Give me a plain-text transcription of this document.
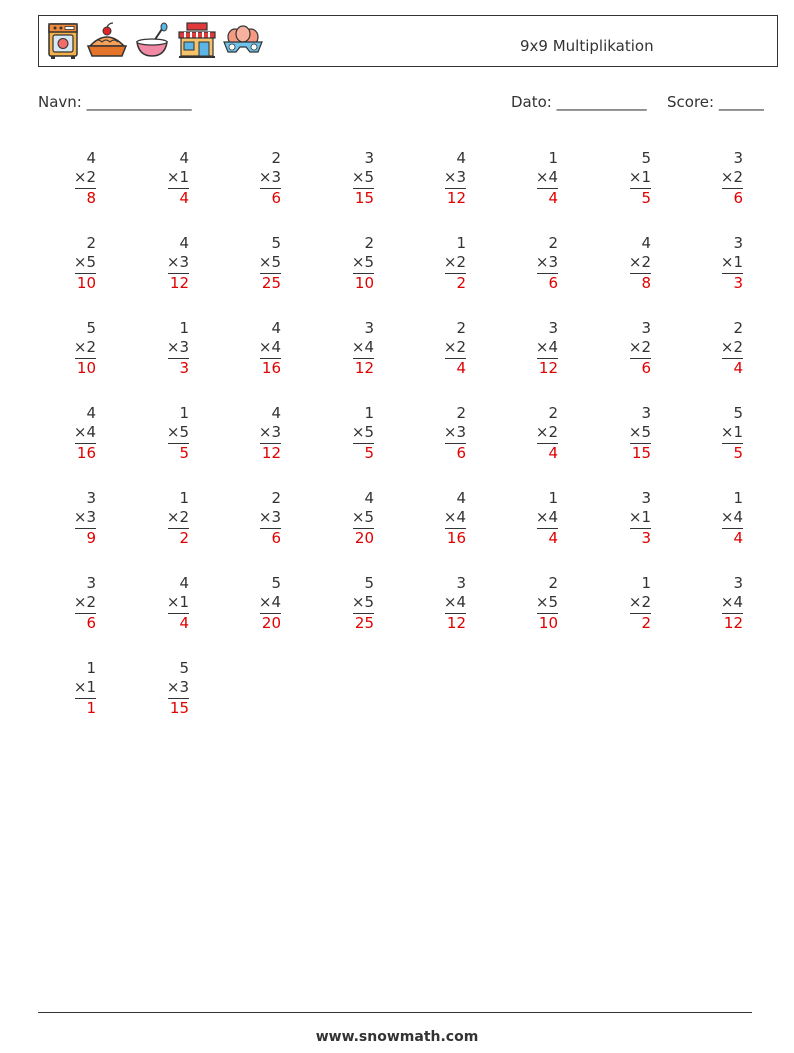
9x9 Multiplikation
Navn: ______________	Dato: ____________ Score: ______
4
×2
8
4
×1
4
2
×3
6
3
×5
15
4
×3
12
1
×4
4
5
×1
5
3
×2
6
2
×5
10
4
×3
12
5
×5
25
2
×5
10
1
×2
2
2
×3
6
4
×2
8
3
×1
3
5
×2
10
1
×3
3
4
×4
16
3
×4
12
2
×2
4
3
×4
12
3
×2
6
2
×2
4
4
×4
16
1
×5
5
4
×3
12
1
×5
5
2
×3
6
2
×2
4
3
×5
15
5
×1
5
3
×3
9
1
×2
2
2
×3
6
4
×5
20
4
×4
16
1
×4
4
3
×1
3
1
×4
4
3
×2
6
4
×1
4
5
×4
20
5
×5
25
3
×4
12
2
×5
10
1
×2
2
3
×4
12
1
×1
1
5
×3
15
www.snowmath.com
